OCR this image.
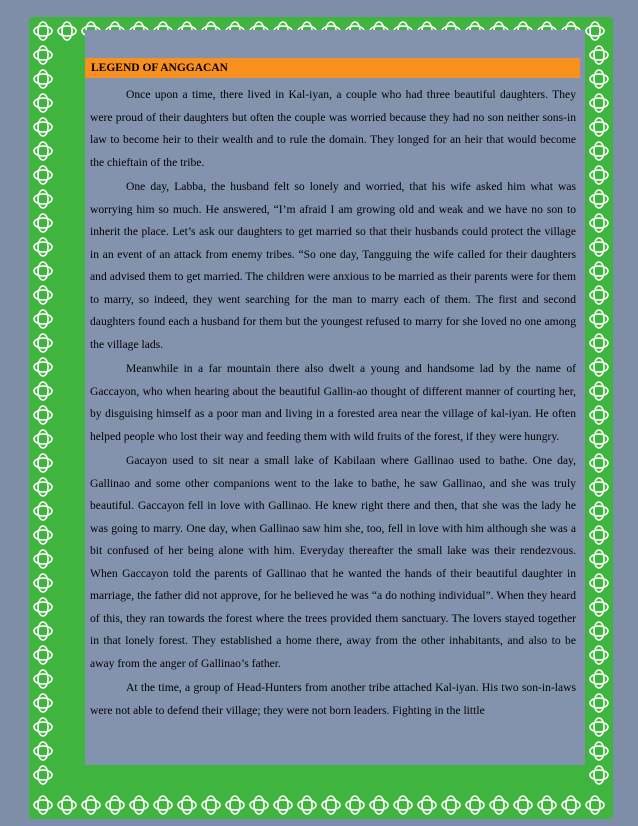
LEGEND OF ANGGACAN

Once upon a time, there lived in Kal-iyan, a couple who had three beautiful daughters. They were proud of their daughters but often the couple was worried because they had no son neither sons-in law to become heir to their wealth and to rule the domain. They longed for an heir that would become the chieftain of the tribe.

One day, Labba, the husband felt so lonely and worried, that his wife asked him what was worrying him so much. He answered, “I’m afraid I am growing old and weak and we have no son to inherit the place. Let’s ask our daughters to get married so that their husbands could protect the village in an event of an attack from enemy tribes. “So one day, Tangguing the wife called for their daughters and advised them to get married. The children were anxious to be married as their parents were for them to marry, so indeed, they went searching for the man to marry each of them. The first and second daughters found each a husband for them but the youngest refused to marry for she loved no one among the village lads.

Meanwhile in a far mountain there also dwelt a young and handsome lad by the name of Gaccayon, who when hearing about the beautiful Gallin-ao thought of different manner of courting her, by disguising himself as a poor man and living in a forested area near the village of kal-iyan. He often helped people who lost their way and feeding them with wild fruits of the forest, if they were hungry.

Gacayon used to sit near a small lake of Kabilaan where Gallinao used to bathe. One day, Gallinao and some other companions went to the lake to bathe, he saw Gallinao, and she was truly beautiful. Gaccayon fell in love with Gallinao. He knew right there and then, that she was the lady he was going to marry. One day, when Gallinao saw him she, too, fell in love with him although she was a bit confused of her being alone with him. Everyday thereafter the small lake was their rendezvous. When Gaccayon told the parents of Gallinao that he wanted the hands of their beautiful daughter in marriage, the father did not approve, for he believed he was “a do nothing individual”. When they heard of this, they ran towards the forest where the trees provided them sanctuary. The lovers stayed together in that lonely forest. They established a home there, away from the other inhabitants, and also to be away from the anger of Gallinao’s father.

At the time, a group of Head-Hunters from another tribe attached Kal-iyan. His two son-in-laws were not able to defend their village; they were not born leaders. Fighting in the little
